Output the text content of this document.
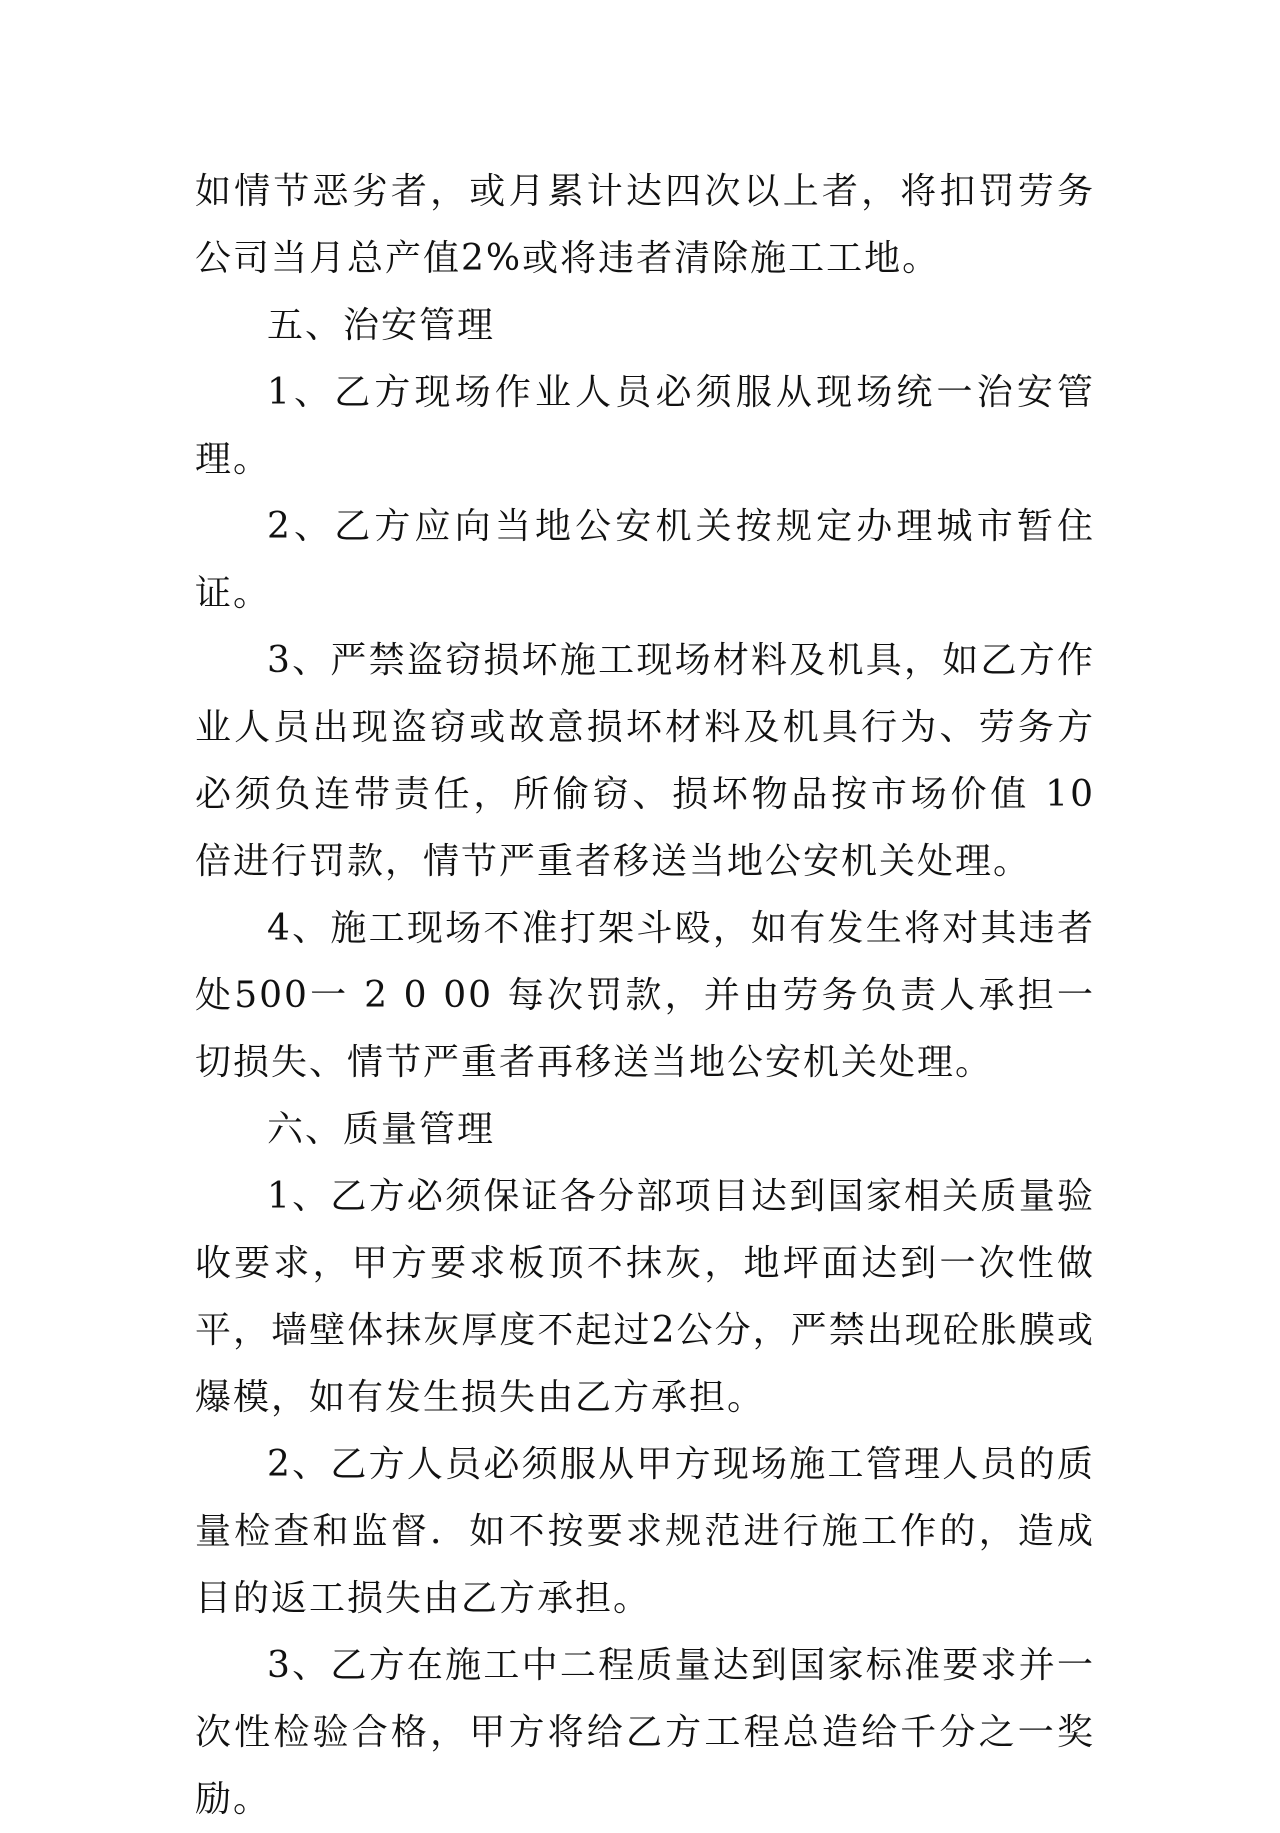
如情节恶劣者，或月累计达四次以上者，将扣罚劳务公司当月总产值2%或将违者清除施工工地。

五、治安管理

1、乙方现场作业人员必须服从现场统一治安管理。

2、乙方应向当地公安机关按规定办理城市暂住证。

3、严禁盗窃损坏施工现场材料及机具，如乙方作业人员出现盗窃或故意损坏材料及机具行为、劳务方必须负连带责任，所偷窃、损坏物品按市场价值 10 倍进行罚款，情节严重者移送当地公安机关处理。

4、施工现场不准打架斗殴，如有发生将对其违者处500一 2 0 00 每次罚款，并由劳务负责人承担一切损失、情节严重者再移送当地公安机关处理。

六、质量管理

1、乙方必须保证各分部项目达到国家相关质量验收要求，甲方要求板顶不抹灰，地坪面达到一次性做平，墙壁体抹灰厚度不起过2公分，严禁出现砼胀膜或爆模，如有发生损失由乙方承担。

2、乙方人员必须服从甲方现场施工管理人员的质量检查和监督．如不按要求规范进行施工作的，造成目的返工损失由乙方承担。

3、乙方在施工中二程质量达到国家标准要求并一次性检验合格，甲方将给乙方工程总造给千分之一奖励。
